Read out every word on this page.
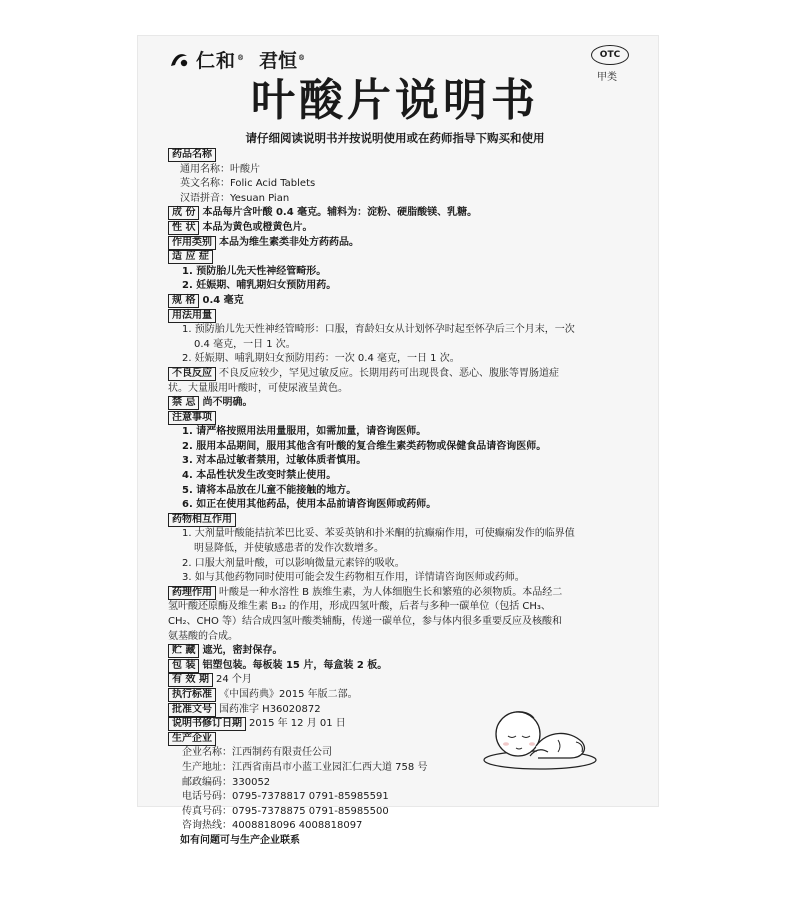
仁和® 君恒®	OTC
甲类
叶酸片说明书
请仔细阅读说明书并按说明使用或在药师指导下购买和使用
药品名称
通用名称：叶酸片
英文名称：Folic Acid Tablets
汉语拼音：Yesuan Pian
成 份 本品每片含叶酸 0.4 毫克。辅料为：淀粉、硬脂酸镁、乳糖。
性 状 本品为黄色或橙黄色片。
作用类别 本品为维生素类非处方药药品。
适 应 症
1. 预防胎儿先天性神经管畸形。
2. 妊娠期、哺乳期妇女预防用药。
规 格 0.4 毫克
用法用量
1. 预防胎儿先天性神经管畸形：口服，育龄妇女从计划怀孕时起至怀孕后三个月末，一次
0.4 毫克，一日 1 次。
2. 妊娠期、哺乳期妇女预防用药：一次 0.4 毫克，一日 1 次。
不良反应 不良反应较少，罕见过敏反应。长期用药可出现畏食、恶心、腹胀等胃肠道症
状。大量服用叶酸时，可使尿液呈黄色。
禁 忌 尚不明确。
注意事项
1. 请严格按照用法用量服用，如需加量，请咨询医师。
2. 服用本品期间，服用其他含有叶酸的复合维生素类药物或保健食品请咨询医师。
3. 对本品过敏者禁用，过敏体质者慎用。
4. 本品性状发生改变时禁止使用。
5. 请将本品放在儿童不能接触的地方。
6. 如正在使用其他药品，使用本品前请咨询医师或药师。
药物相互作用
1. 大剂量叶酸能拮抗苯巴比妥、苯妥英钠和扑米酮的抗癫痫作用，可使癫痫发作的临界值
明显降低，并使敏感患者的发作次数增多。
2. 口服大剂量叶酸，可以影响微量元素锌的吸收。
3. 如与其他药物同时使用可能会发生药物相互作用，详情请咨询医师或药师。
药理作用 叶酸是一种水溶性 B 族维生素，为人体细胞生长和繁殖的必须物质。本品经二
氢叶酸还原酶及维生素 B₁₂ 的作用，形成四氢叶酸，后者与多种一碳单位（包括 CH₃、
CH₂、CHO 等）结合成四氢叶酸类辅酶，传递一碳单位，参与体内很多重要反应及核酸和
氨基酸的合成。
贮 藏 遮光，密封保存。
包 装 铝塑包装。每板装 15 片，每盒装 2 板。
有 效 期 24 个月
执行标准 《中国药典》2015 年版二部。
批准文号 国药准字 H36020872
说明书修订日期 2015 年 12 月 01 日
生产企业
企业名称：江西制药有限责任公司
生产地址：江西省南昌市小蓝工业园汇仁西大道 758 号
邮政编码：330052
电话号码：0795-7378817 0791-85985591
传真号码：0795-7378875 0791-85985500
咨询热线：4008818096 4008818097
如有问题可与生产企业联系
